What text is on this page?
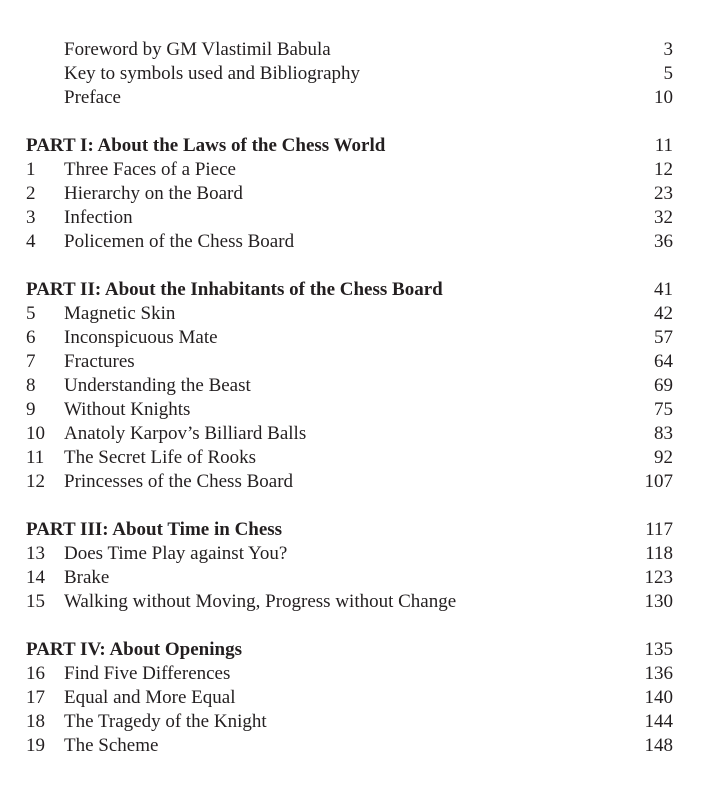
Foreword by GM Vlastimil Babula	3
Key to symbols used and Bibliography	5
Preface	10
PART I: About the Laws of the Chess World	11
1 Three Faces of a Piece	12
2 Hierarchy on the Board	23
3 Infection	32
4 Policemen of the Chess Board	36
PART II: About the Inhabitants of the Chess Board	41
5 Magnetic Skin	42
6 Inconspicuous Mate	57
7 Fractures	64
8 Understanding the Beast	69
9 Without Knights	75
10 Anatoly Karpov’s Billiard Balls	83
11 The Secret Life of Rooks	92
12 Princesses of the Chess Board	107
PART III: About Time in Chess	117
13 Does Time Play against You?	118
14 Brake	123
15 Walking without Moving, Progress without Change	130
PART IV: About Openings	135
16 Find Five Differences	136
17 Equal and More Equal	140
18 The Tragedy of the Knight	144
19 The Scheme	148
